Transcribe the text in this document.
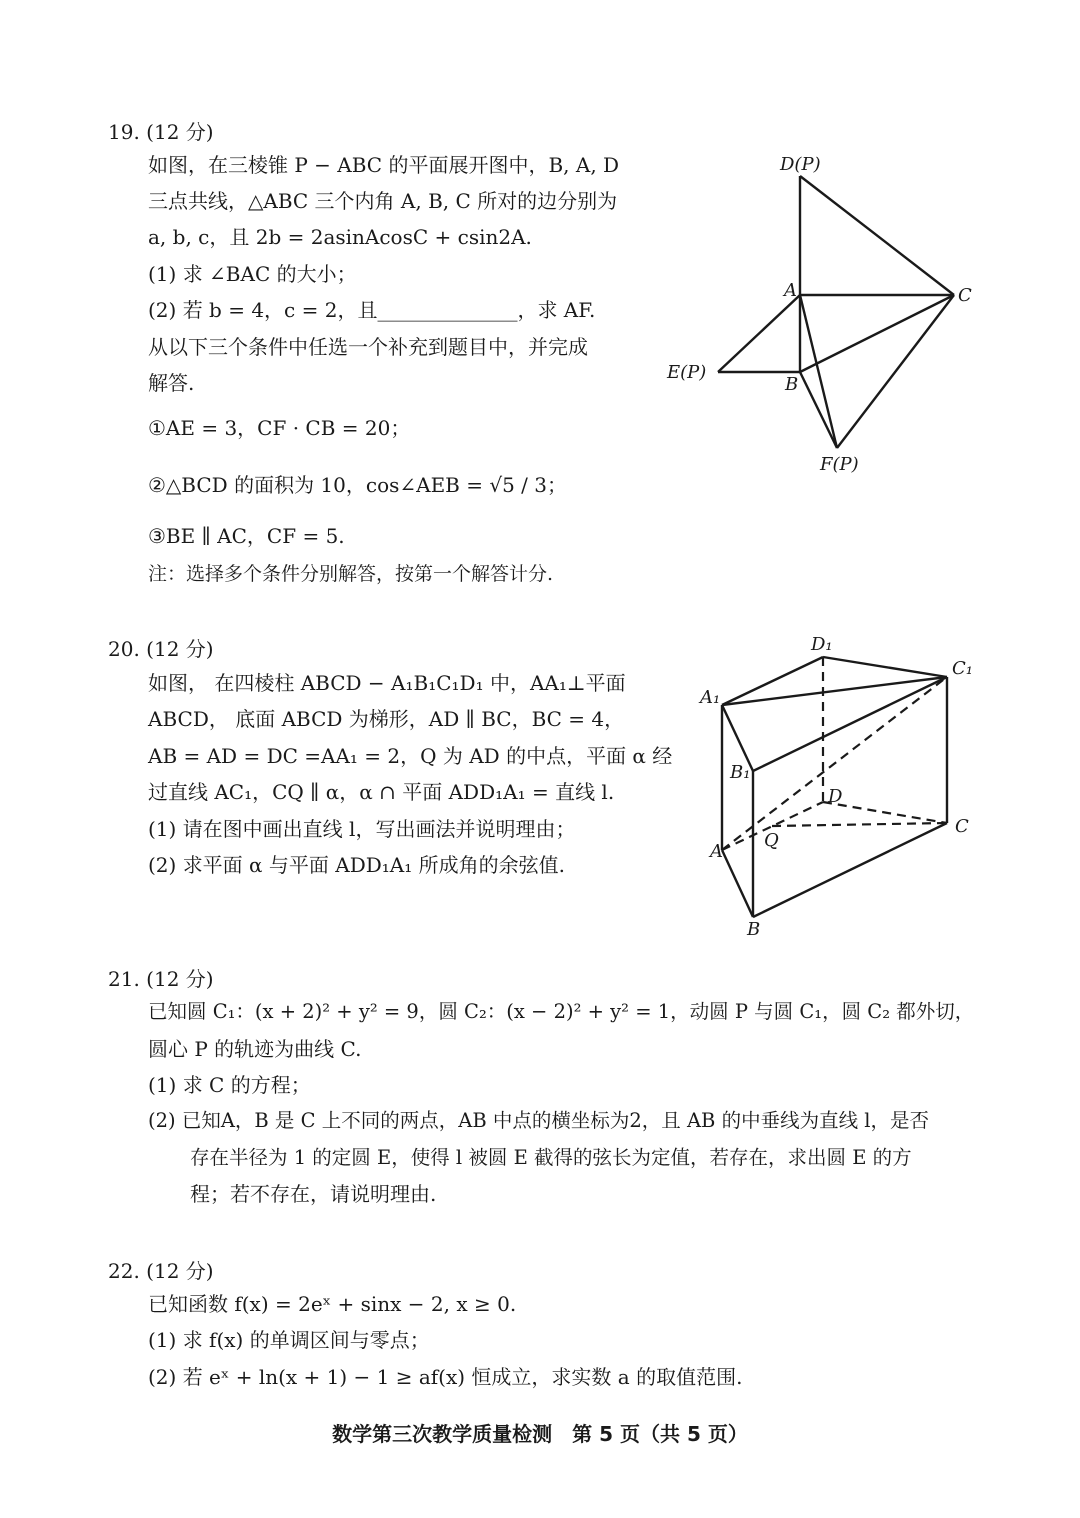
19. (12 分)
如图，在三棱锥 P − ABC 的平面展开图中，B, A, D
三点共线，△ABC 三个内角 A, B, C 所对的边分别为
a, b, c，且 2b = 2asinAcosC + csin2A.
(1) 求 ∠BAC 的大小；
(2) 若 b = 4，c = 2，且______________，求 AF.
从以下三个条件中任选一个补充到题目中，并完成
解答.
①AE = 3，CF · CB = 20；
②△BCD 的面积为 10，cos∠AEB = √5 / 3；
③BE ∥ AC，CF = 5.
注：选择多个条件分别解答，按第一个解答计分.
D(P)
A	C
E(P)
B
F(P)
20. (12 分)
如图， 在四棱柱 ABCD − A₁B₁C₁D₁ 中，AA₁⊥平面
ABCD， 底面 ABCD 为梯形，AD ∥ BC，BC = 4，
AB = AD = DC =AA₁ = 2，Q 为 AD 的中点，平面 α 经
过直线 AC₁，CQ ∥ α，α ∩ 平面 ADD₁A₁ = 直线 l.
(1) 请在图中画出直线 l，写出画法并说明理由；
(2) 求平面 α 与平面 ADD₁A₁ 所成角的余弦值.
D₁
C₁
A₁
B₁
D
C
Q
A
B
21. (12 分)
已知圆 C₁：(x + 2)² + y² = 9，圆 C₂：(x − 2)² + y² = 1，动圆 P 与圆 C₁，圆 C₂ 都外切，
圆心 P 的轨迹为曲线 C.
(1) 求 C 的方程；
(2) 已知A，B 是 C 上不同的两点，AB 中点的横坐标为2，且 AB 的中垂线为直线 l，是否
存在半径为 1 的定圆 E，使得 l 被圆 E 截得的弦长为定值，若存在，求出圆 E 的方
程；若不存在，请说明理由.
22. (12 分)
已知函数 f(x) = 2eˣ + sinx − 2, x ≥ 0.
(1) 求 f(x) 的单调区间与零点；
(2) 若 eˣ + ln(x + 1) − 1 ≥ af(x) 恒成立，求实数 a 的取值范围.
数学第三次教学质量检测　第 5 页（共 5 页）
